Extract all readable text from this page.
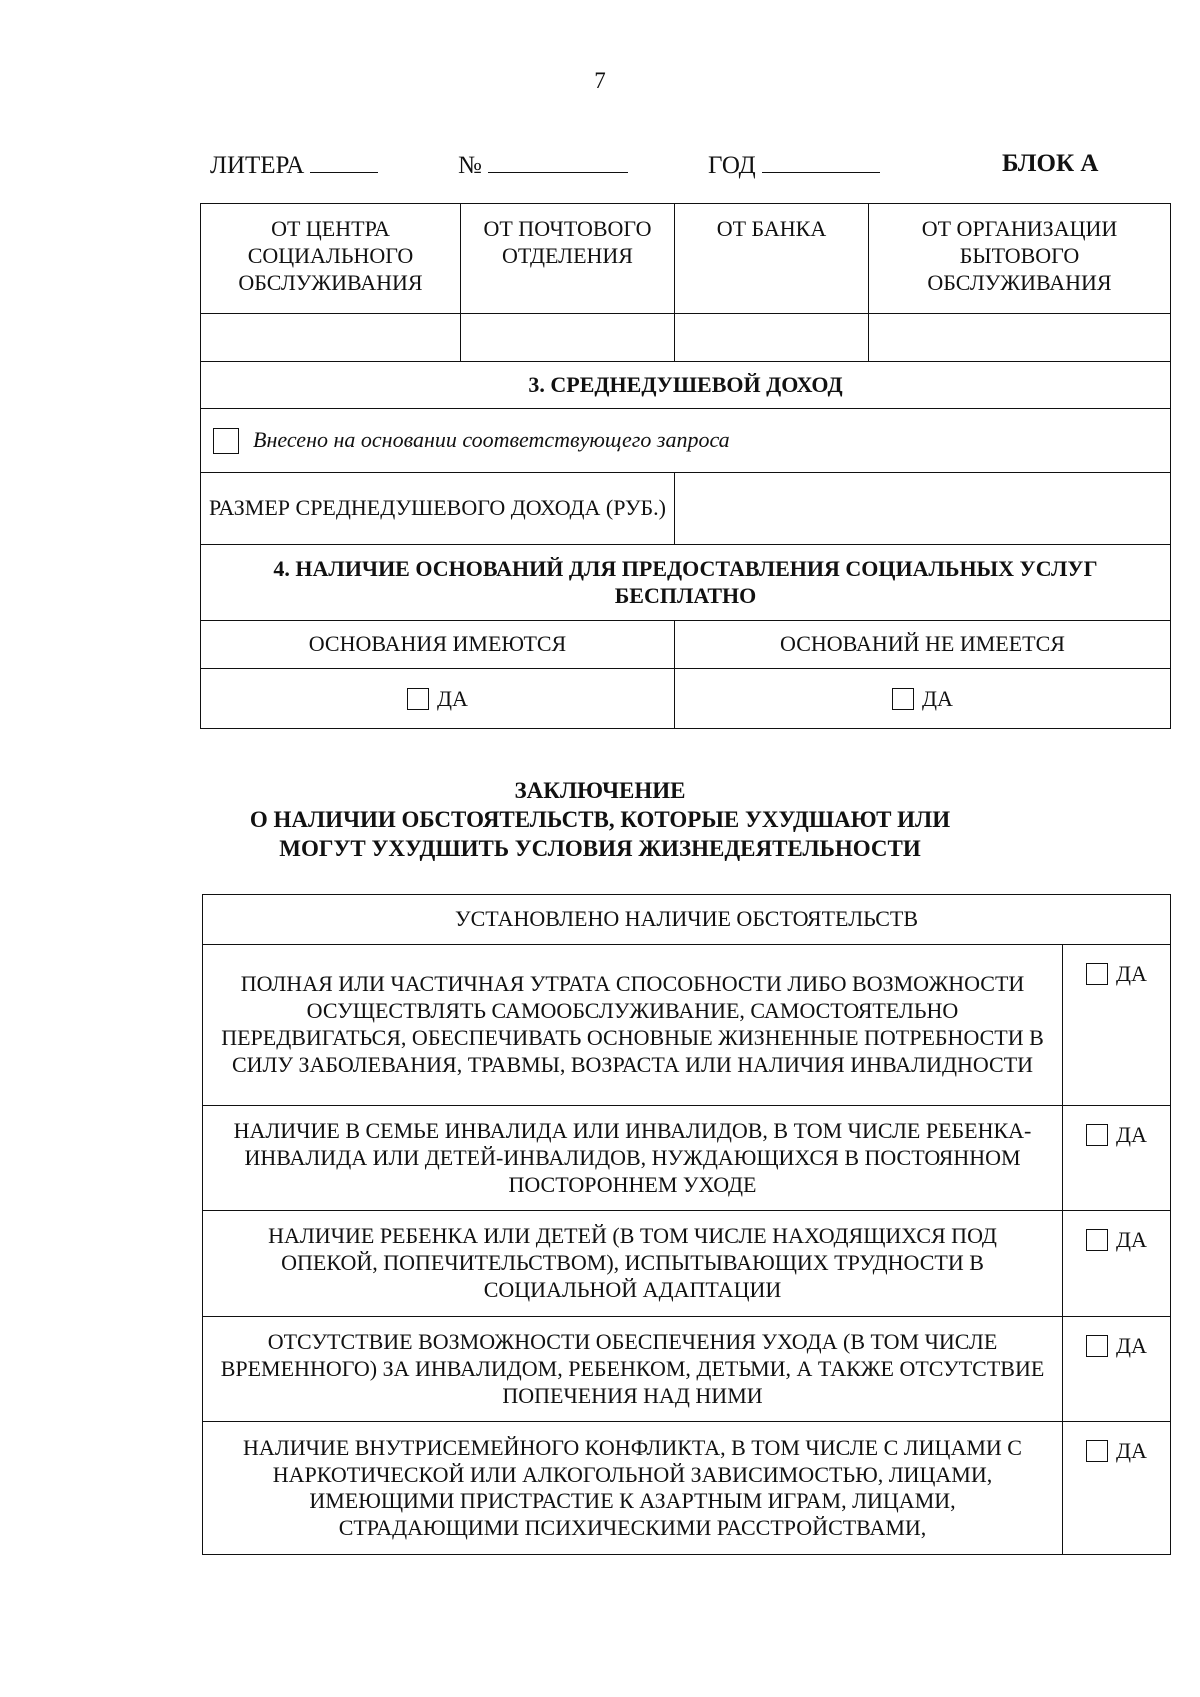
7
ЛИТЕРА	№	ГОД	БЛОК А
ОТ ЦЕНТРА СОЦИАЛЬНОГО ОБСЛУЖИВАНИЯ	ОТ ПОЧТОВОГО ОТДЕЛЕНИЯ	ОТ БАНКА	ОТ ОРГАНИЗАЦИИ БЫТОВОГО ОБСЛУЖИВАНИЯ

3. СРЕДНЕДУШЕВОЙ ДОХОД			
Внесено на основании соответствующего запроса			
РАЗМЕР СРЕДНЕДУШЕВОГО ДОХОДА (РУБ.)			
4. НАЛИЧИЕ ОСНОВАНИЙ ДЛЯ ПРЕДОСТАВЛЕНИЯ СОЦИАЛЬНЫХ УСЛУГ БЕСПЛАТНО			
ОСНОВАНИЯ ИМЕЮТСЯ		ОСНОВАНИЙ НЕ ИМЕЕТСЯ	
ДА		ДА	
ЗАКЛЮЧЕНИЕ
О НАЛИЧИИ ОБСТОЯТЕЛЬСТВ, КОТОРЫЕ УХУДШАЮТ ИЛИ
МОГУТ УХУДШИТЬ УСЛОВИЯ ЖИЗНЕДЕЯТЕЛЬНОСТИ
УСТАНОВЛЕНО НАЛИЧИЕ ОБСТОЯТЕЛЬСТВ	
ПОЛНАЯ ИЛИ ЧАСТИЧНАЯ УТРАТА СПОСОБНОСТИ ЛИБО ВОЗМОЖНОСТИ ОСУЩЕСТВЛЯТЬ САМООБСЛУЖИВАНИЕ, САМОСТОЯТЕЛЬНО ПЕРЕДВИГАТЬСЯ, ОБЕСПЕЧИВАТЬ ОСНОВНЫЕ ЖИЗНЕННЫЕ ПОТРЕБНОСТИ В СИЛУ ЗАБОЛЕВАНИЯ, ТРАВМЫ, ВОЗРАСТА ИЛИ НАЛИЧИЯ ИНВАЛИДНОСТИ	ДА
НАЛИЧИЕ В СЕМЬЕ ИНВАЛИДА ИЛИ ИНВАЛИДОВ, В ТОМ ЧИСЛЕ РЕБЕНКА-ИНВАЛИДА ИЛИ ДЕТЕЙ-ИНВАЛИДОВ, НУЖДАЮЩИХСЯ В ПОСТОЯННОМ ПОСТОРОННЕМ УХОДЕ	ДА
НАЛИЧИЕ РЕБЕНКА ИЛИ ДЕТЕЙ (В ТОМ ЧИСЛЕ НАХОДЯЩИХСЯ ПОД ОПЕКОЙ, ПОПЕЧИТЕЛЬСТВОМ), ИСПЫТЫВАЮЩИХ ТРУДНОСТИ В СОЦИАЛЬНОЙ АДАПТАЦИИ	ДА
ОТСУТСТВИЕ ВОЗМОЖНОСТИ ОБЕСПЕЧЕНИЯ УХОДА (В ТОМ ЧИСЛЕ ВРЕМЕННОГО) ЗА ИНВАЛИДОМ, РЕБЕНКОМ, ДЕТЬМИ, А ТАКЖЕ ОТСУТСТВИЕ ПОПЕЧЕНИЯ НАД НИМИ	ДА
НАЛИЧИЕ ВНУТРИСЕМЕЙНОГО КОНФЛИКТА, В ТОМ ЧИСЛЕ С ЛИЦАМИ С НАРКОТИЧЕСКОЙ ИЛИ АЛКОГОЛЬНОЙ ЗАВИСИМОСТЬЮ, ЛИЦАМИ, ИМЕЮЩИМИ ПРИСТРАСТИЕ К АЗАРТНЫМ ИГРАМ, ЛИЦАМИ, СТРАДАЮЩИМИ ПСИХИЧЕСКИМИ РАССТРОЙСТВАМИ,	ДА
